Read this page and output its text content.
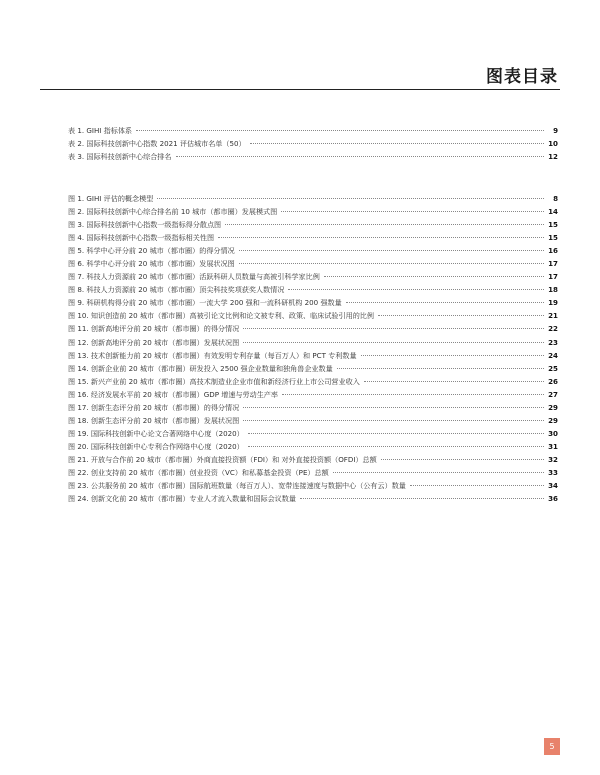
图表目录
表 1. GIHI 指标体系	9
表 2. 国际科技创新中心指数 2021 评估城市名单（50）	10
表 3. 国际科技创新中心综合排名	12
图 1. GIHI 评估的概念模型	8
图 2. 国际科技创新中心综合排名前 10 城市（都市圈）发展模式图	14
图 3. 国际科技创新中心指数一级指标得分散点图	15
图 4. 国际科技创新中心指数一级指标相关性图	15
图 5. 科学中心评分前 20 城市（都市圈）的得分情况	16
图 6. 科学中心评分前 20 城市（都市圈）发展状况图	17
图 7. 科技人力资源前 20 城市（都市圈）活跃科研人员数量与高被引科学家比例	17
图 8. 科技人力资源前 20 城市（都市圈）顶尖科技奖项获奖人数情况	18
图 9. 科研机构得分前 20 城市（都市圈）一流大学 200 强和一流科研机构 200 强数量	19
图 10. 知识创造前 20 城市（都市圈）高被引论文比例和论文被专利、政策、临床试验引用的比例	21
图 11. 创新高地评分前 20 城市（都市圈）的得分情况	22
图 12. 创新高地评分前 20 城市（都市圈）发展状况图	23
图 13. 技术创新能力前 20 城市（都市圈）有效发明专利存量（每百万人）和 PCT 专利数量	24
图 14. 创新企业前 20 城市（都市圈）研发投入 2500 强企业数量和独角兽企业数量	25
图 15. 新兴产业前 20 城市（都市圈）高技术制造业企业市值和新经济行业上市公司营业收入	26
图 16. 经济发展水平前 20 城市（都市圈）GDP 增速与劳动生产率	27
图 17. 创新生态评分前 20 城市（都市圈）的得分情况	29
图 18. 创新生态评分前 20 城市（都市圈）发展状况图	29
图 19. 国际科技创新中心论文合著网络中心度（2020）	30
图 20. 国际科技创新中心专利合作网络中心度（2020）	31
图 21. 开放与合作前 20 城市（都市圈）外商直接投资额（FDI）和 对外直接投资额（OFDI）总额	32
图 22. 创业支持前 20 城市（都市圈）创业投资（VC）和私募基金投资（PE）总额	33
图 23. 公共服务前 20 城市（都市圈）国际航班数量（每百万人）、宽带连接速度与数据中心（公有云）数量	34
图 24. 创新文化前 20 城市（都市圈）专业人才流入数量和国际会议数量	36
5
